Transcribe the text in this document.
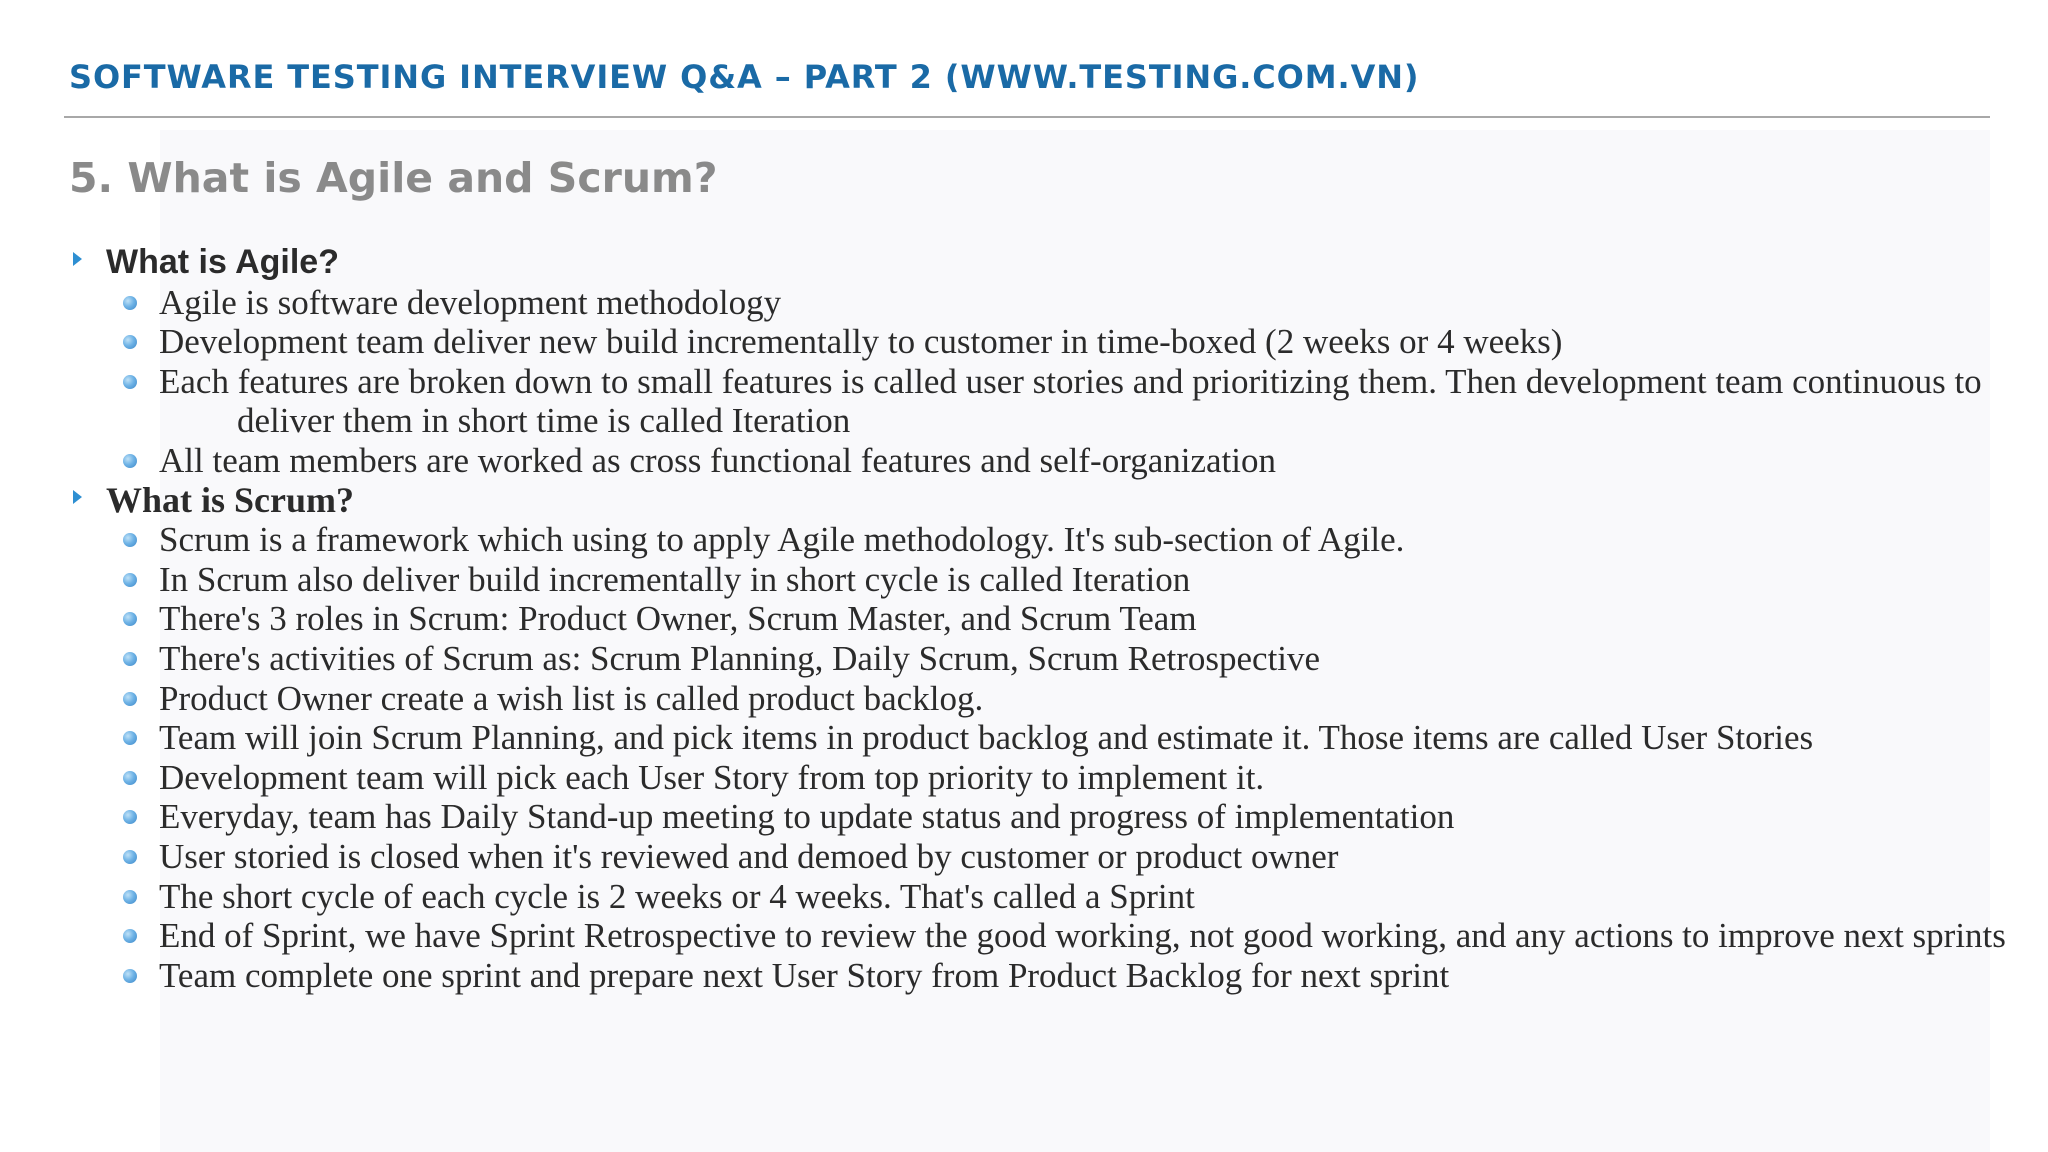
SOFTWARE TESTING INTERVIEW Q&A – PART 2 (WWW.TESTING.COM.VN)
5. What is Agile and Scrum?
What is Agile?
Agile is software development methodology
Development team deliver new build incrementally to customer in time-boxed (2 weeks or 4 weeks)
Each features are broken down to small features is called user stories and prioritizing them. Then development team continuous to deliver them in short time is called Iteration
All team members are worked as cross functional features and self-organization
What is Scrum?
Scrum is a framework which using to apply Agile methodology. It's sub-section of Agile.
In Scrum also deliver build incrementally in short cycle is called Iteration
There's 3 roles in Scrum: Product Owner, Scrum Master, and Scrum Team
There's activities of Scrum as: Scrum Planning, Daily Scrum, Scrum Retrospective
Product Owner create a wish list is called product backlog.
Team will join Scrum Planning, and pick items in product backlog and estimate it. Those items are called User Stories
Development team will pick each User Story from top priority to implement it.
Everyday, team has Daily Stand-up meeting to update status and progress of implementation
User storied is closed when it's reviewed and demoed by customer or product owner
The short cycle of each cycle is 2 weeks or 4 weeks. That's called a Sprint
End of Sprint, we have Sprint Retrospective to review the good working, not good working, and any actions to improve next sprints
Team complete one sprint and prepare next User Story from Product Backlog for next sprint
